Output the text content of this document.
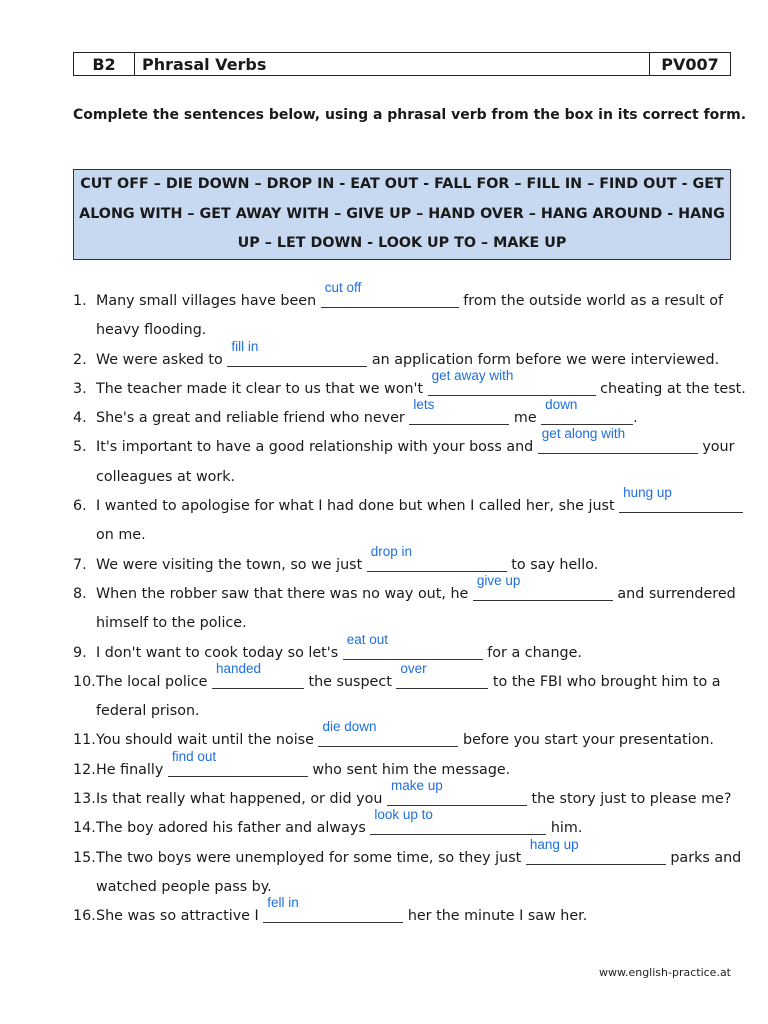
B2	Phrasal Verbs	PV007
Complete the sentences below, using a phrasal verb from the box in its correct form.
CUT OFF – DIE DOWN – DROP IN - EAT OUT - FALL FOR – FILL IN – FIND OUT - GET
ALONG WITH – GET AWAY WITH – GIVE UP – HAND OVER – HANG AROUND - HANG
UP – LET DOWN - LOOK UP TO – MAKE UP
1. Many small villages have been
cut off
from the outside world as a result of
heavy flooding.
2. We were asked to
fill in
an application form before we were interviewed.
3. The teacher made it clear to us that we won't
get away with
cheating at the test.
4. She's a great and reliable friend who never
lets
me
down
.
5. It's important to have a good relationship with your boss and
get along with
your
colleagues at work.
6. I wanted to apologise for what I had done but when I called her, she just
hung up
on me.
7. We were visiting the town, so we just
drop in
to say hello.
8. When the robber saw that there was no way out, he
give up
and surrendered
himself to the police.
9. I don't want to cook today so let's
eat out
for a change.
10. The local police
handed
the suspect
over
to the FBI who brought him to a
federal prison.
11. You should wait until the noise
die down
before you start your presentation.
12. He finally
find out
who sent him the message.
13. Is that really what happened, or did you
make up
the story just to please me?
14. The boy adored his father and always
look up to
him.
15. The two boys were unemployed for some time, so they just
hang up
parks and
watched people pass by.
16. She was so attractive I
fell in
her the minute I saw her.
www.english-practice.at
